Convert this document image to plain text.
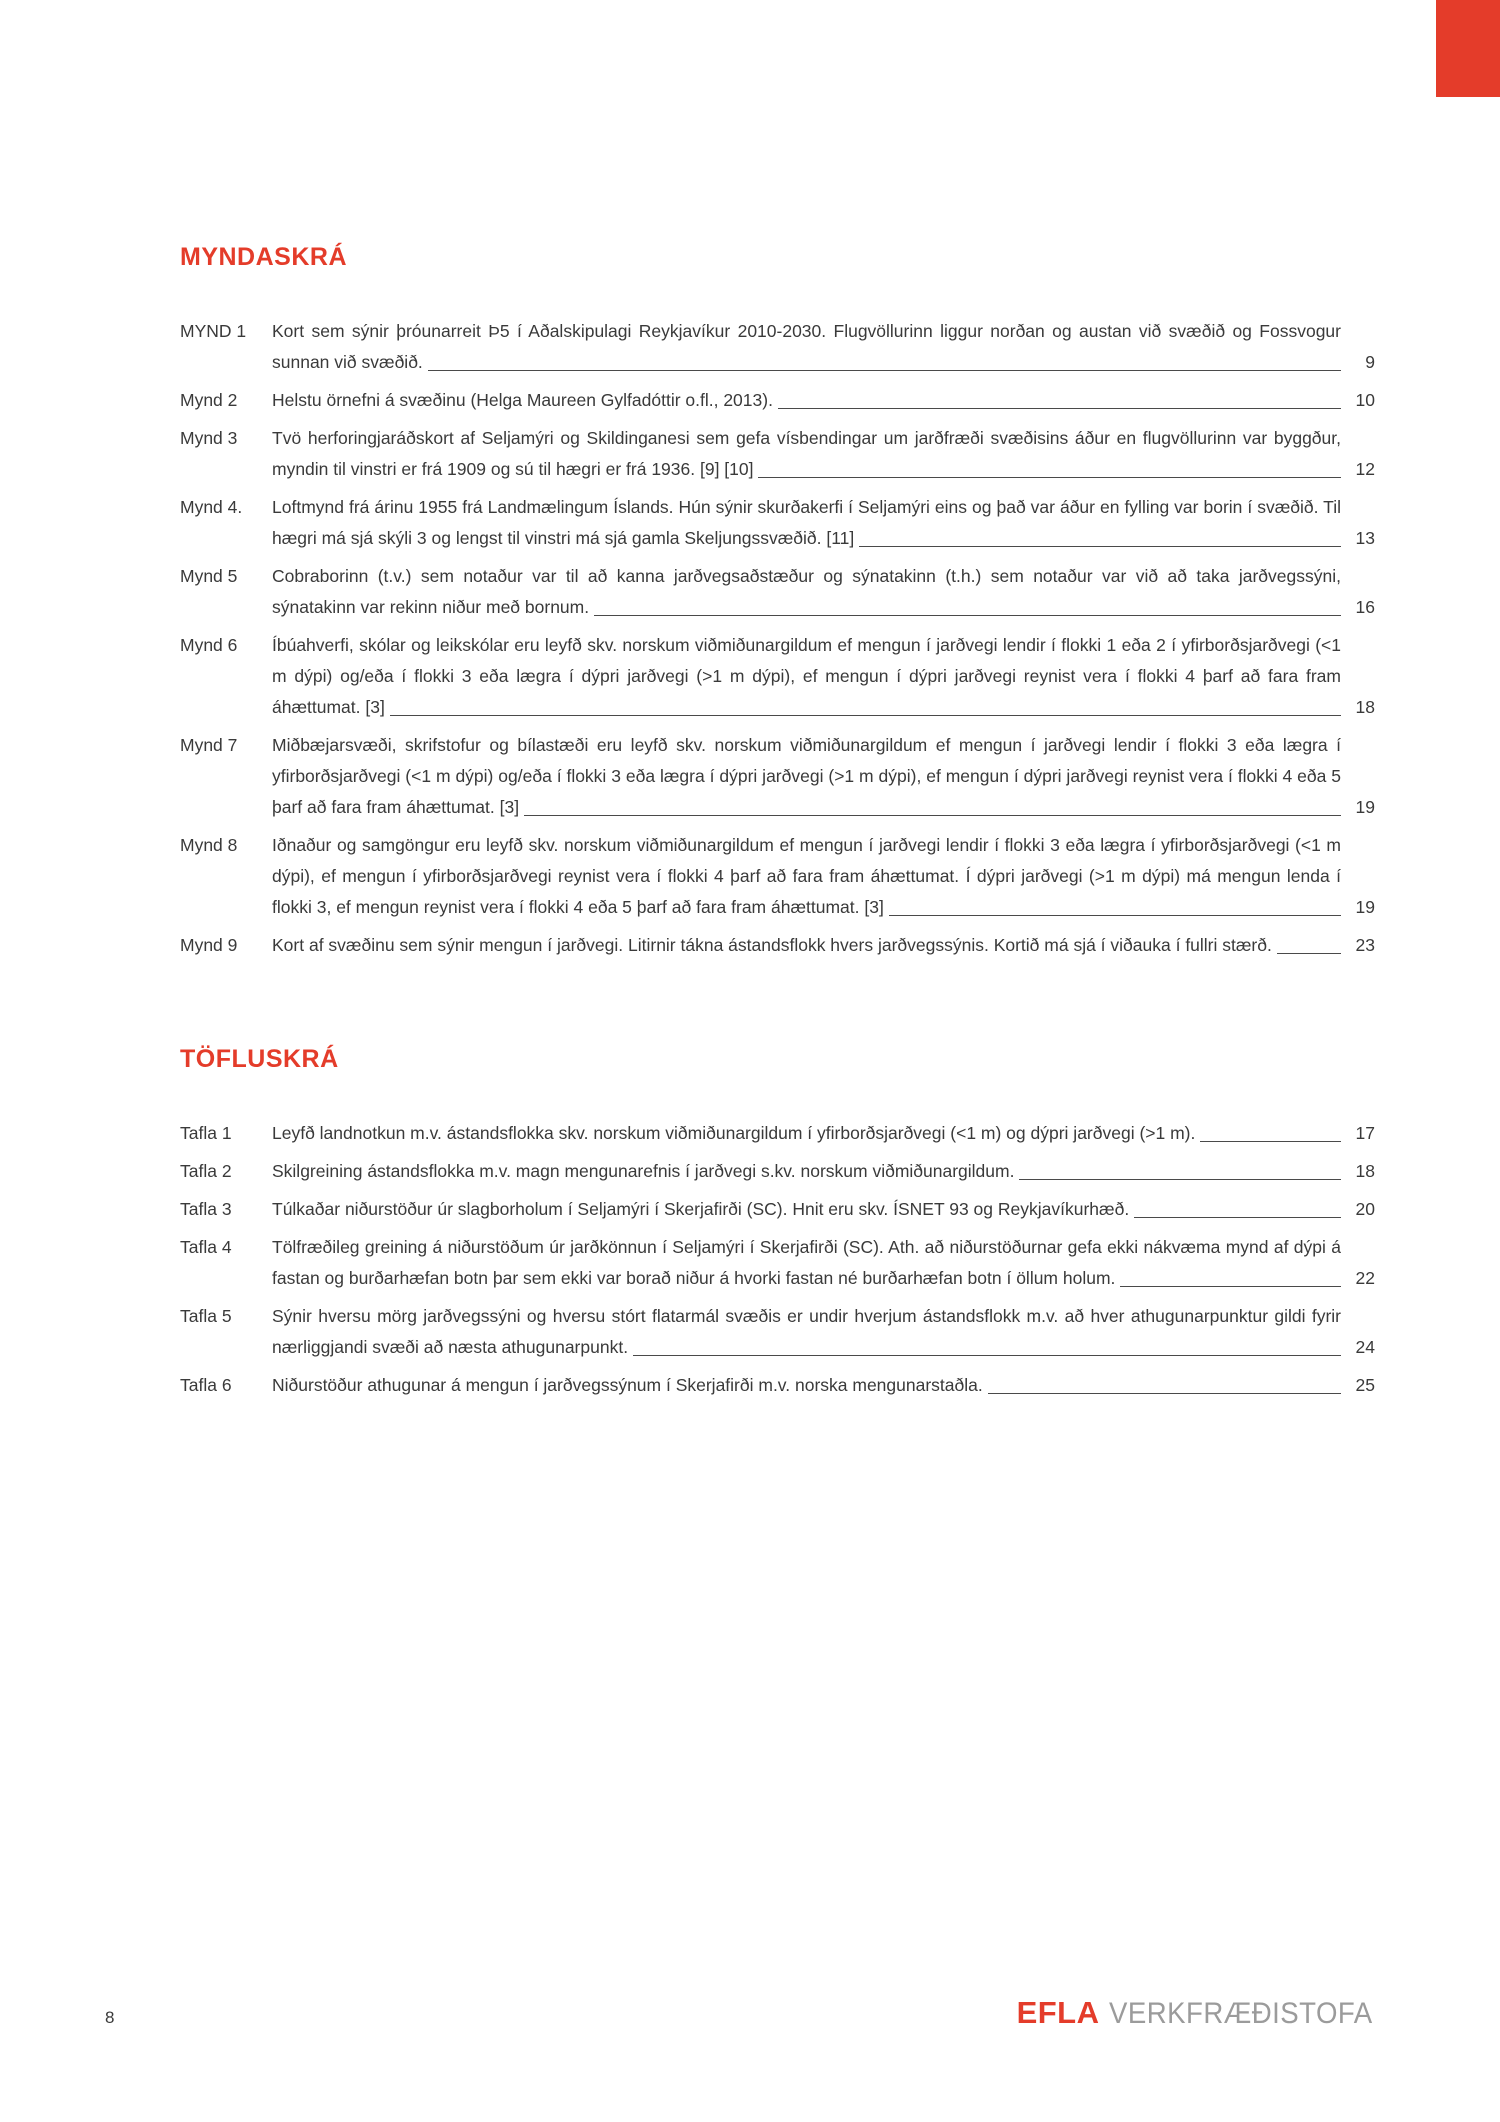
MYNDASKRÁ
MYND 1	Kort sem sýnir þróunarreit Þ5 í Aðalskipulagi Reykjavíkur 2010-2030. Flugvöllurinn liggur norðan og austan við svæðið og Fossvogur sunnan við svæðið.	9
Mynd 2	Helstu örnefni á svæðinu (Helga Maureen Gylfadóttir o.fl., 2013).	10
Mynd 3	Tvö herforingjaráðskort af Seljamýri og Skildinganesi sem gefa vísbendingar um jarðfræði svæðisins áður en flugvöllurinn var byggður, myndin til vinstri er frá 1909 og sú til hægri er frá 1936. [9] [10]	12
Mynd 4.	Loftmynd frá árinu 1955 frá Landmælingum Íslands. Hún sýnir skurðakerfi í Seljamýri eins og það var áður en fylling var borin í svæðið. Til hægri má sjá skýli 3 og lengst til vinstri má sjá gamla Skeljungssvæðið. [11]	13
Mynd 5	Cobraborinn (t.v.) sem notaður var til að kanna jarðvegsaðstæður og sýnatakinn (t.h.) sem notaður var við að taka jarðvegssýni, sýnatakinn var rekinn niður með bornum.	16
Mynd 6	Íbúahverfi, skólar og leikskólar eru leyfð skv. norskum viðmiðunargildum ef mengun í jarðvegi lendir í flokki 1 eða 2 í yfirborðsjarðvegi (<1 m dýpi) og/eða í flokki 3 eða lægra í dýpri jarðvegi (>1 m dýpi), ef mengun í dýpri jarðvegi reynist vera í flokki 4 þarf að fara fram áhættumat. [3]	18
Mynd 7	Miðbæjarsvæði, skrifstofur og bílastæði eru leyfð skv. norskum viðmiðunargildum ef mengun í jarðvegi lendir í flokki 3 eða lægra í yfirborðsjarðvegi (<1 m dýpi) og/eða í flokki 3 eða lægra í dýpri jarðvegi (>1 m dýpi), ef mengun í dýpri jarðvegi reynist vera í flokki 4 eða 5 þarf að fara fram áhættumat. [3]	19
Mynd 8	Iðnaður og samgöngur eru leyfð skv. norskum viðmiðunargildum ef mengun í jarðvegi lendir í flokki 3 eða lægra í yfirborðsjarðvegi (<1 m dýpi), ef mengun í yfirborðsjarðvegi reynist vera í flokki 4 þarf að fara fram áhættumat. Í dýpri jarðvegi (>1 m dýpi) má mengun lenda í flokki 3, ef mengun reynist vera í flokki 4 eða 5 þarf að fara fram áhættumat. [3]	19
Mynd 9	Kort af svæðinu sem sýnir mengun í jarðvegi. Litirnir tákna ástandsflokk hvers jarðvegssýnis. Kortið má sjá í viðauka í fullri stærð.	23
TÖFLUSKRÁ
Tafla 1	Leyfð landnotkun m.v. ástandsflokka skv. norskum viðmiðunargildum í yfirborðsjarðvegi (<1 m) og dýpri jarðvegi (>1 m).	17
Tafla 2	Skilgreining ástandsflokka m.v. magn mengunarefnis í jarðvegi s.kv. norskum viðmiðunargildum.	18
Tafla 3	Túlkaðar niðurstöður úr slagborholum í Seljamýri í Skerjafirði (SC). Hnit eru skv. ÍSNET 93 og Reykjavíkurhæð.	20
Tafla 4	Tölfræðileg greining á niðurstöðum úr jarðkönnun í Seljamýri í Skerjafirði (SC). Ath. að niðurstöðurnar gefa ekki nákvæma mynd af dýpi á fastan og burðarhæfan botn þar sem ekki var borað niður á hvorki fastan né burðarhæfan botn í öllum holum.	22
Tafla 5	Sýnir hversu mörg jarðvegssýni og hversu stórt flatarmál svæðis er undir hverjum ástandsflokk m.v. að hver athugunarpunktur gildi fyrir nærliggjandi svæði að næsta athugunarpunkt.	24
Tafla 6	Niðurstöður athugunar á mengun í jarðvegssýnum í Skerjafirði m.v. norska mengunarstaðla.	25
8	EFLA VERKFRÆÐISTOFA
